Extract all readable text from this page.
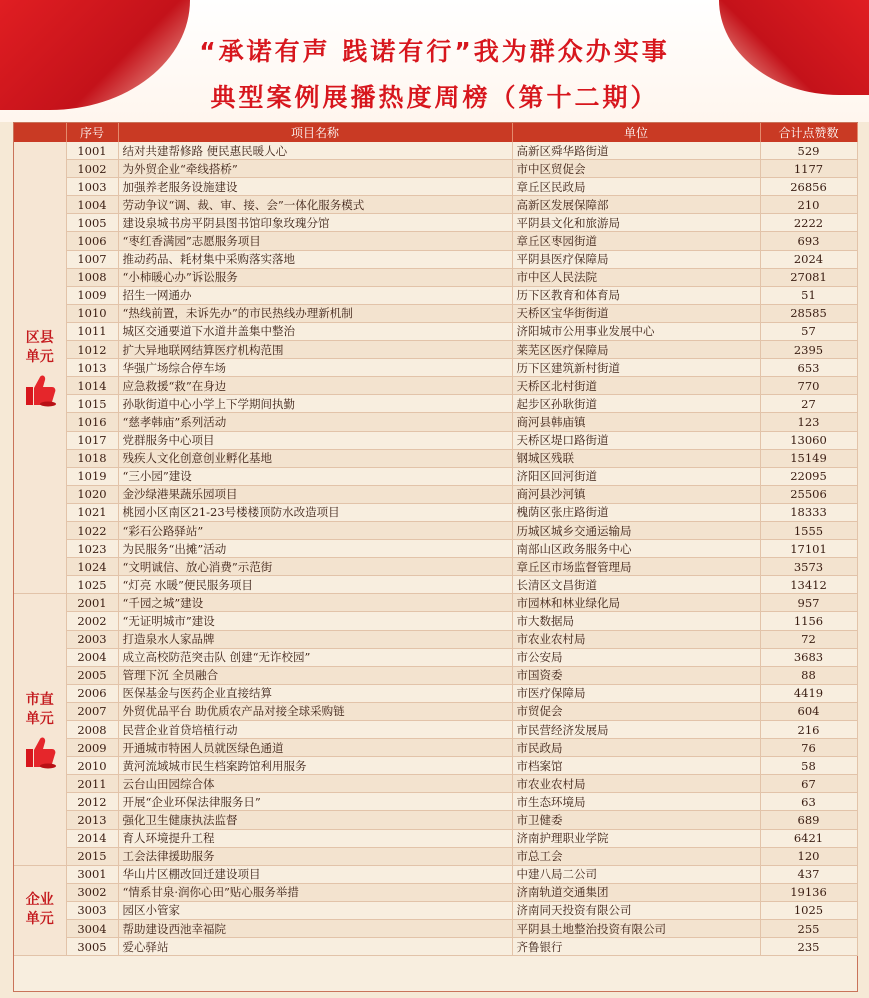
“承诺有声 践诺有行”我为群众办实事
典型案例展播热度周榜（第十二期）
	序号	项目名称	单位	合计点赞数

区县单元	1001	结对共建帮修路 便民惠民暖人心	高新区舜华路街道	529
	1002	为外贸企业“牵线搭桥”	市中区贸促会	1177
	1003	加强养老服务设施建设	章丘区民政局	26856
	1004	劳动争议“调、裁、审、接、会”一体化服务模式	高新区发展保障部	210
	1005	建设泉城书房平阴县图书馆印象玫瑰分馆	平阴县文化和旅游局	2222
	1006	“枣红香满园”志愿服务项目	章丘区枣园街道	693
	1007	推动药品、耗材集中采购落实落地	平阴县医疗保障局	2024
	1008	“小柿暖心办”诉讼服务	市中区人民法院	27081
	1009	招生一网通办	历下区教育和体育局	51
	1010	“热线前置，未诉先办”的市民热线办理新机制	天桥区宝华街街道	28585
	1011	城区交通要道下水道井盖集中整治	济阳城市公用事业发展中心	57
	1012	扩大异地联网结算医疗机构范围	莱芜区医疗保障局	2395
	1013	华强广场综合停车场	历下区建筑新村街道	653
	1014	应急救援“救”在身边	天桥区北村街道	770
	1015	孙耿街道中心小学上下学期间执勤	起步区孙耿街道	27
	1016	“慈孝韩庙”系列活动	商河县韩庙镇	123
	1017	党群服务中心项目	天桥区堤口路街道	13060
	1018	残疾人文化创意创业孵化基地	钢城区残联	15149
	1019	“三小园”建设	济阳区回河街道	22095
	1020	金沙绿港果蔬乐园项目	商河县沙河镇	25506
	1021	桃园小区南区21-23号楼楼顶防水改造项目	槐荫区张庄路街道	18333
	1022	“彩石公路驿站”	历城区城乡交通运输局	1555
	1023	为民服务“出摊”活动	南部山区政务服务中心	17101
	1024	“文明诚信、放心消费”示范街	章丘区市场监督管理局	3573
	1025	“灯亮 水暖”便民服务项目	长清区文昌街道	13412

市直单元	2001	“千园之城”建设	市园林和林业绿化局	957
	2002	“无证明城市”建设	市大数据局	1156
	2003	打造泉水人家品牌	市农业农村局	72
	2004	成立高校防范突击队 创建“无诈校园”	市公安局	3683
	2005	管理下沉 全员融合	市国资委	88
	2006	医保基金与医药企业直接结算	市医疗保障局	4419
	2007	外贸优品平台 助优质农产品对接全球采购链	市贸促会	604
	2008	民营企业首贷培植行动	市民营经济发展局	216
	2009	开通城市特困人员就医绿色通道	市民政局	76
	2010	黄河流域城市民生档案跨馆利用服务	市档案馆	58
	2011	云台山田园综合体	市农业农村局	67
	2012	开展“企业环保法律服务日”	市生态环境局	63
	2013	强化卫生健康执法监督	市卫健委	689
	2014	育人环境提升工程	济南护理职业学院	6421
	2015	工会法律援助服务	市总工会	120

企业单元	3001	华山片区棚改回迁建设项目	中建八局二公司	437
	3002	“情系甘泉·润你心田”贴心服务举措	济南轨道交通集团	19136
	3003	园区小管家	济南同天投资有限公司	1025
	3004	帮助建设西池幸福院	平阴县土地整治投资有限公司	255
	3005	爱心驿站	齐鲁银行	235
